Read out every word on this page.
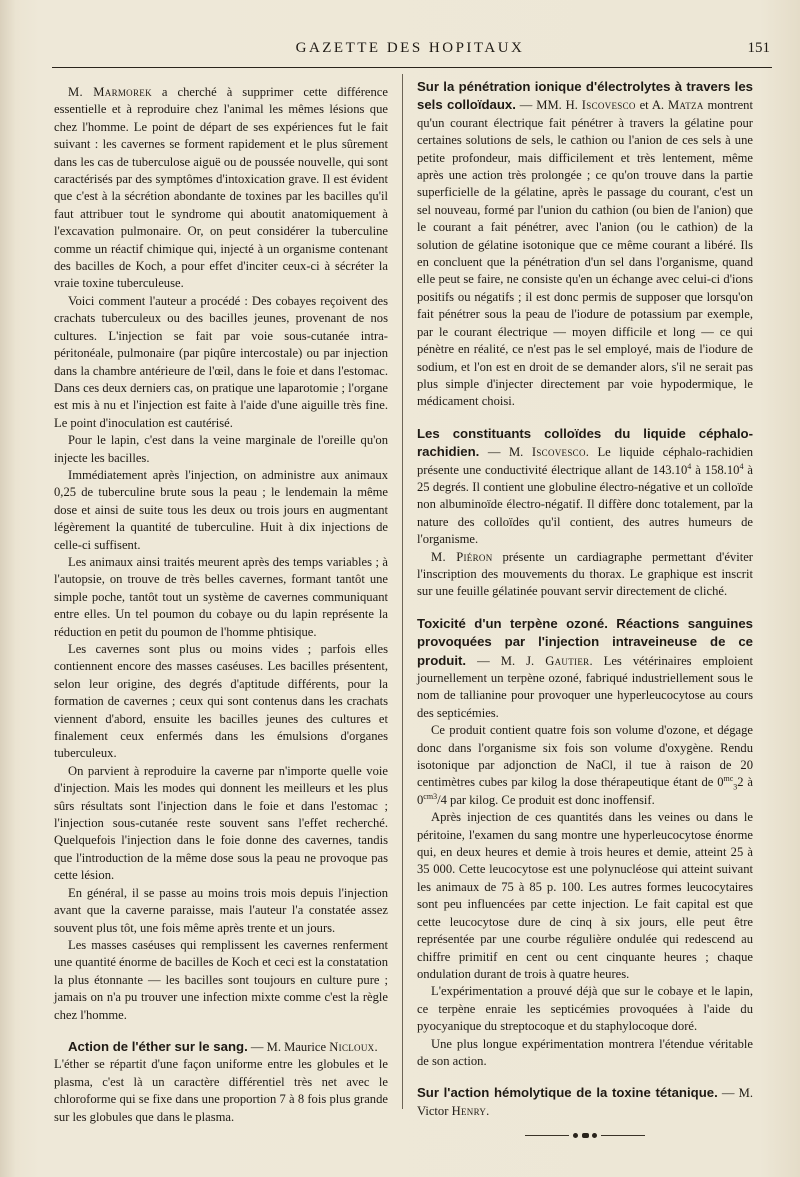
GAZETTE DES HOPITAUX	151

M. Marmorek a cherché à supprimer cette différence essentielle et à reproduire chez l'animal les mêmes lésions que chez l'homme. Le point de départ de ses expériences fut le fait suivant : les cavernes se forment rapidement et le plus sûrement dans les cas de tuberculose aiguë ou de poussée nouvelle, qui sont caractérisés par des symptômes d'intoxication grave. Il est évident que c'est à la sécrétion abondante de toxines par les bacilles qu'il faut attribuer tout le syndrome qui aboutit anatomiquement à l'excavation pulmonaire. Or, on peut considérer la tuberculine comme un réactif chimique qui, injecté à un organisme contenant des bacilles de Koch, a pour effet d'inciter ceux-ci à sécréter la vraie toxine tuberculeuse.

Voici comment l'auteur a procédé : Des cobayes reçoivent des crachats tuberculeux ou des bacilles jeunes, provenant de nos cultures. L'injection se fait par voie sous-cutanée intra-péritonéale, pulmonaire (par piqûre intercostale) ou par injection dans la chambre antérieure de l'œil, dans le foie et dans l'estomac. Dans ces deux derniers cas, on pratique une laparotomie ; l'organe est mis à nu et l'injection est faite à l'aide d'une aiguille très fine. Le point d'inoculation est cautérisé.

Pour le lapin, c'est dans la veine marginale de l'oreille qu'on injecte les bacilles.

Immédiatement après l'injection, on administre aux animaux 0,25 de tuberculine brute sous la peau ; le lendemain la même dose et ainsi de suite tous les deux ou trois jours en augmentant légèrement la quantité de tuberculine. Huit à dix injections de celle-ci suffisent.

Les animaux ainsi traités meurent après des temps variables ; à l'autopsie, on trouve de très belles cavernes, formant tantôt une simple poche, tantôt tout un système de cavernes communiquant entre elles. Un tel poumon du cobaye ou du lapin représente la réduction en petit du poumon de l'homme phtisique.

Les cavernes sont plus ou moins vides ; parfois elles contiennent encore des masses caséuses. Les bacilles présentent, selon leur origine, des degrés d'aptitude différents, pour la formation de cavernes ; ceux qui sont contenus dans les crachats viennent d'abord, ensuite les bacilles jeunes des cultures et finalement ceux enfermés dans les émulsions d'organes tuberculeux.

On parvient à reproduire la caverne par n'importe quelle voie d'injection. Mais les modes qui donnent les meilleurs et les plus sûrs résultats sont l'injection dans le foie et dans l'estomac ; l'injection sous-cutanée reste souvent sans l'effet recherché. Quelquefois l'injection dans le foie donne des cavernes, tandis que l'introduction de la même dose sous la peau ne provoque pas cette lésion.

En général, il se passe au moins trois mois depuis l'injection avant que la caverne paraisse, mais l'auteur l'a constatée assez souvent plus tôt, une fois même après trente et un jours.

Les masses caséuses qui remplissent les cavernes renferment une quantité énorme de bacilles de Koch et ceci est la constatation la plus étonnante — les bacilles sont toujours en culture pure ; jamais on n'a pu trouver une infection mixte comme c'est la règle chez l'homme.

Action de l'éther sur le sang. — M. Maurice Nicloux.

L'éther se répartit d'une façon uniforme entre les globules et le plasma, c'est là un caractère différentiel très net avec le chloroforme qui se fixe dans une proportion 7 à 8 fois plus grande sur les globules que dans le plasma.

Sur la pénétration ionique d'électrolytes à travers les sels colloïdaux. — MM. H. Iscovesco et A. Matza montrent qu'un courant électrique fait pénétrer à travers la gélatine pour certaines solutions de sels, le cathion ou l'anion de ces sels à une petite profondeur, mais difficilement et très lentement, même après une action très prolongée ; ce qu'on trouve dans la partie superficielle de la gélatine, après le passage du courant, c'est un sel nouveau, formé par l'union du cathion (ou bien de l'anion) que le courant a fait pénétrer, avec l'anion (ou le cathion) de la solution de gélatine isotonique que ce même courant a libéré. Ils en concluent que la pénétration d'un sel dans l'organisme, quand elle peut se faire, ne consiste qu'en un échange avec celui-ci d'ions positifs ou négatifs ; il est donc permis de supposer que lorsqu'on fait pénétrer sous la peau de l'iodure de potassium par exemple, par le courant électrique — moyen difficile et long — ce qui pénètre en réalité, ce n'est pas le sel employé, mais de l'iodure de sodium, et l'on est en droit de se demander alors, s'il ne serait pas plus simple d'injecter directement par voie hypodermique, le médicament choisi.

Les constituants colloïdes du liquide céphalo-rachidien. — M. Iscovesco. Le liquide céphalo-rachidien présente une conductivité électrique allant de 143.10$^4$ à 158.10$^4$ à 25 degrés. Il contient une globuline électro-négative et un colloïde non albuminoïde électro-négatif. Il diffère donc totalement, par la nature des colloïdes qu'il contient, des autres humeurs de l'organisme.

M. Piéron présente un cardiagraphe permettant d'éviter l'inscription des mouvements du thorax. Le graphique est inscrit sur une feuille gélatinée pouvant servir directement de cliché.

Toxicité d'un terpène ozoné. Réactions sanguines provoquées par l'injection intraveineuse de ce produit. — M. J. Gautier. Les vétérinaires emploient journellement un terpène ozoné, fabriqué industriellement sous le nom de tallianine pour provoquer une hyperleucocytose au cours des septicémies.

Ce produit contient quatre fois son volume d'ozone, et dégage donc dans l'organisme six fois son volume d'oxygène. Rendu isotonique par adjonction de NaCl, il tue à raison de 20 centimètres cubes par kilog la dose thérapeutique étant de $0^{mc}_32$ à $0^{cm3}/4$ par kilog. Ce produit est donc inoffensif.

Après injection de ces quantités dans les veines ou dans le péritoine, l'examen du sang montre une hyperleucocytose énorme qui, en deux heures et demie à trois heures et demie, atteint 25 à 35 000. Cette leucocytose est une polynucléose qui atteint suivant les animaux de 75 à 85 p. 100. Les autres formes leucocytaires sont peu influencées par cette injection. Le fait capital est que cette leucocytose dure de cinq à six jours, elle peut être représentée par une courbe régulière ondulée qui redescend au chiffre primitif en cent ou cent cinquante heures ; chaque ondulation durant de trois à quatre heures.

L'expérimentation a prouvé déjà que sur le cobaye et le lapin, ce terpène enraie les septicémies provoquées à l'aide du pyocyanique du streptocoque et du staphylocoque doré.

Une plus longue expérimentation montrera l'étendue véritable de son action.

Sur l'action hémolytique de la toxine tétanique. — M. Victor Henry.
